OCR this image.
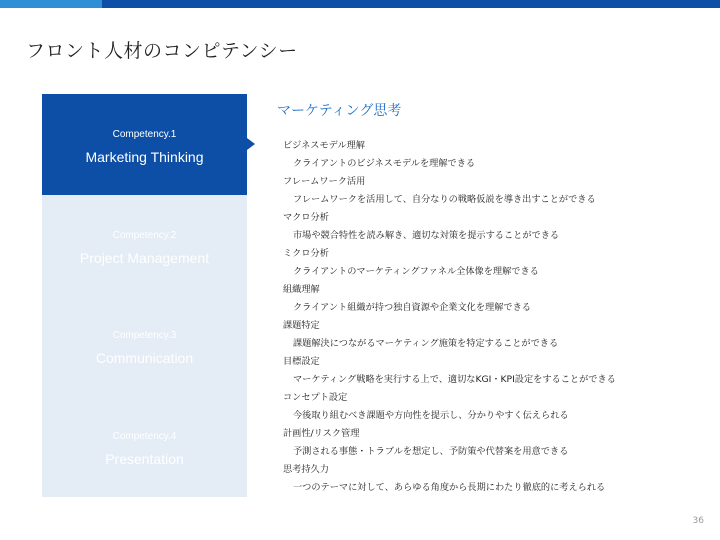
フロント人材のコンピテンシー
Competency.1
Marketing Thinking
Competency.2
Project Management
Competency.3
Communication
Competency.4
Presentation
マーケティング思考
ビジネスモデル理解
クライアントのビジネスモデルを理解できる
フレームワーク活用
フレームワークを活用して、自分なりの戦略仮説を導き出すことができる
マクロ分析
市場や競合特性を読み解き、適切な対策を提示することができる
ミクロ分析
クライアントのマーケティングファネル全体像を理解できる
組織理解
クライアント組織が持つ独自資源や企業文化を理解できる
課題特定
課題解決につながるマーケティング施策を特定することができる
目標設定
マーケティング戦略を実行する上で、適切なKGI・KPI設定をすることができる
コンセプト設定
今後取り組むべき課題や方向性を提示し、分かりやすく伝えられる
計画性/リスク管理
予測される事態・トラブルを想定し、予防策や代替案を用意できる
思考持久力
一つのテーマに対して、あらゆる角度から長期にわたり徹底的に考えられる
36
